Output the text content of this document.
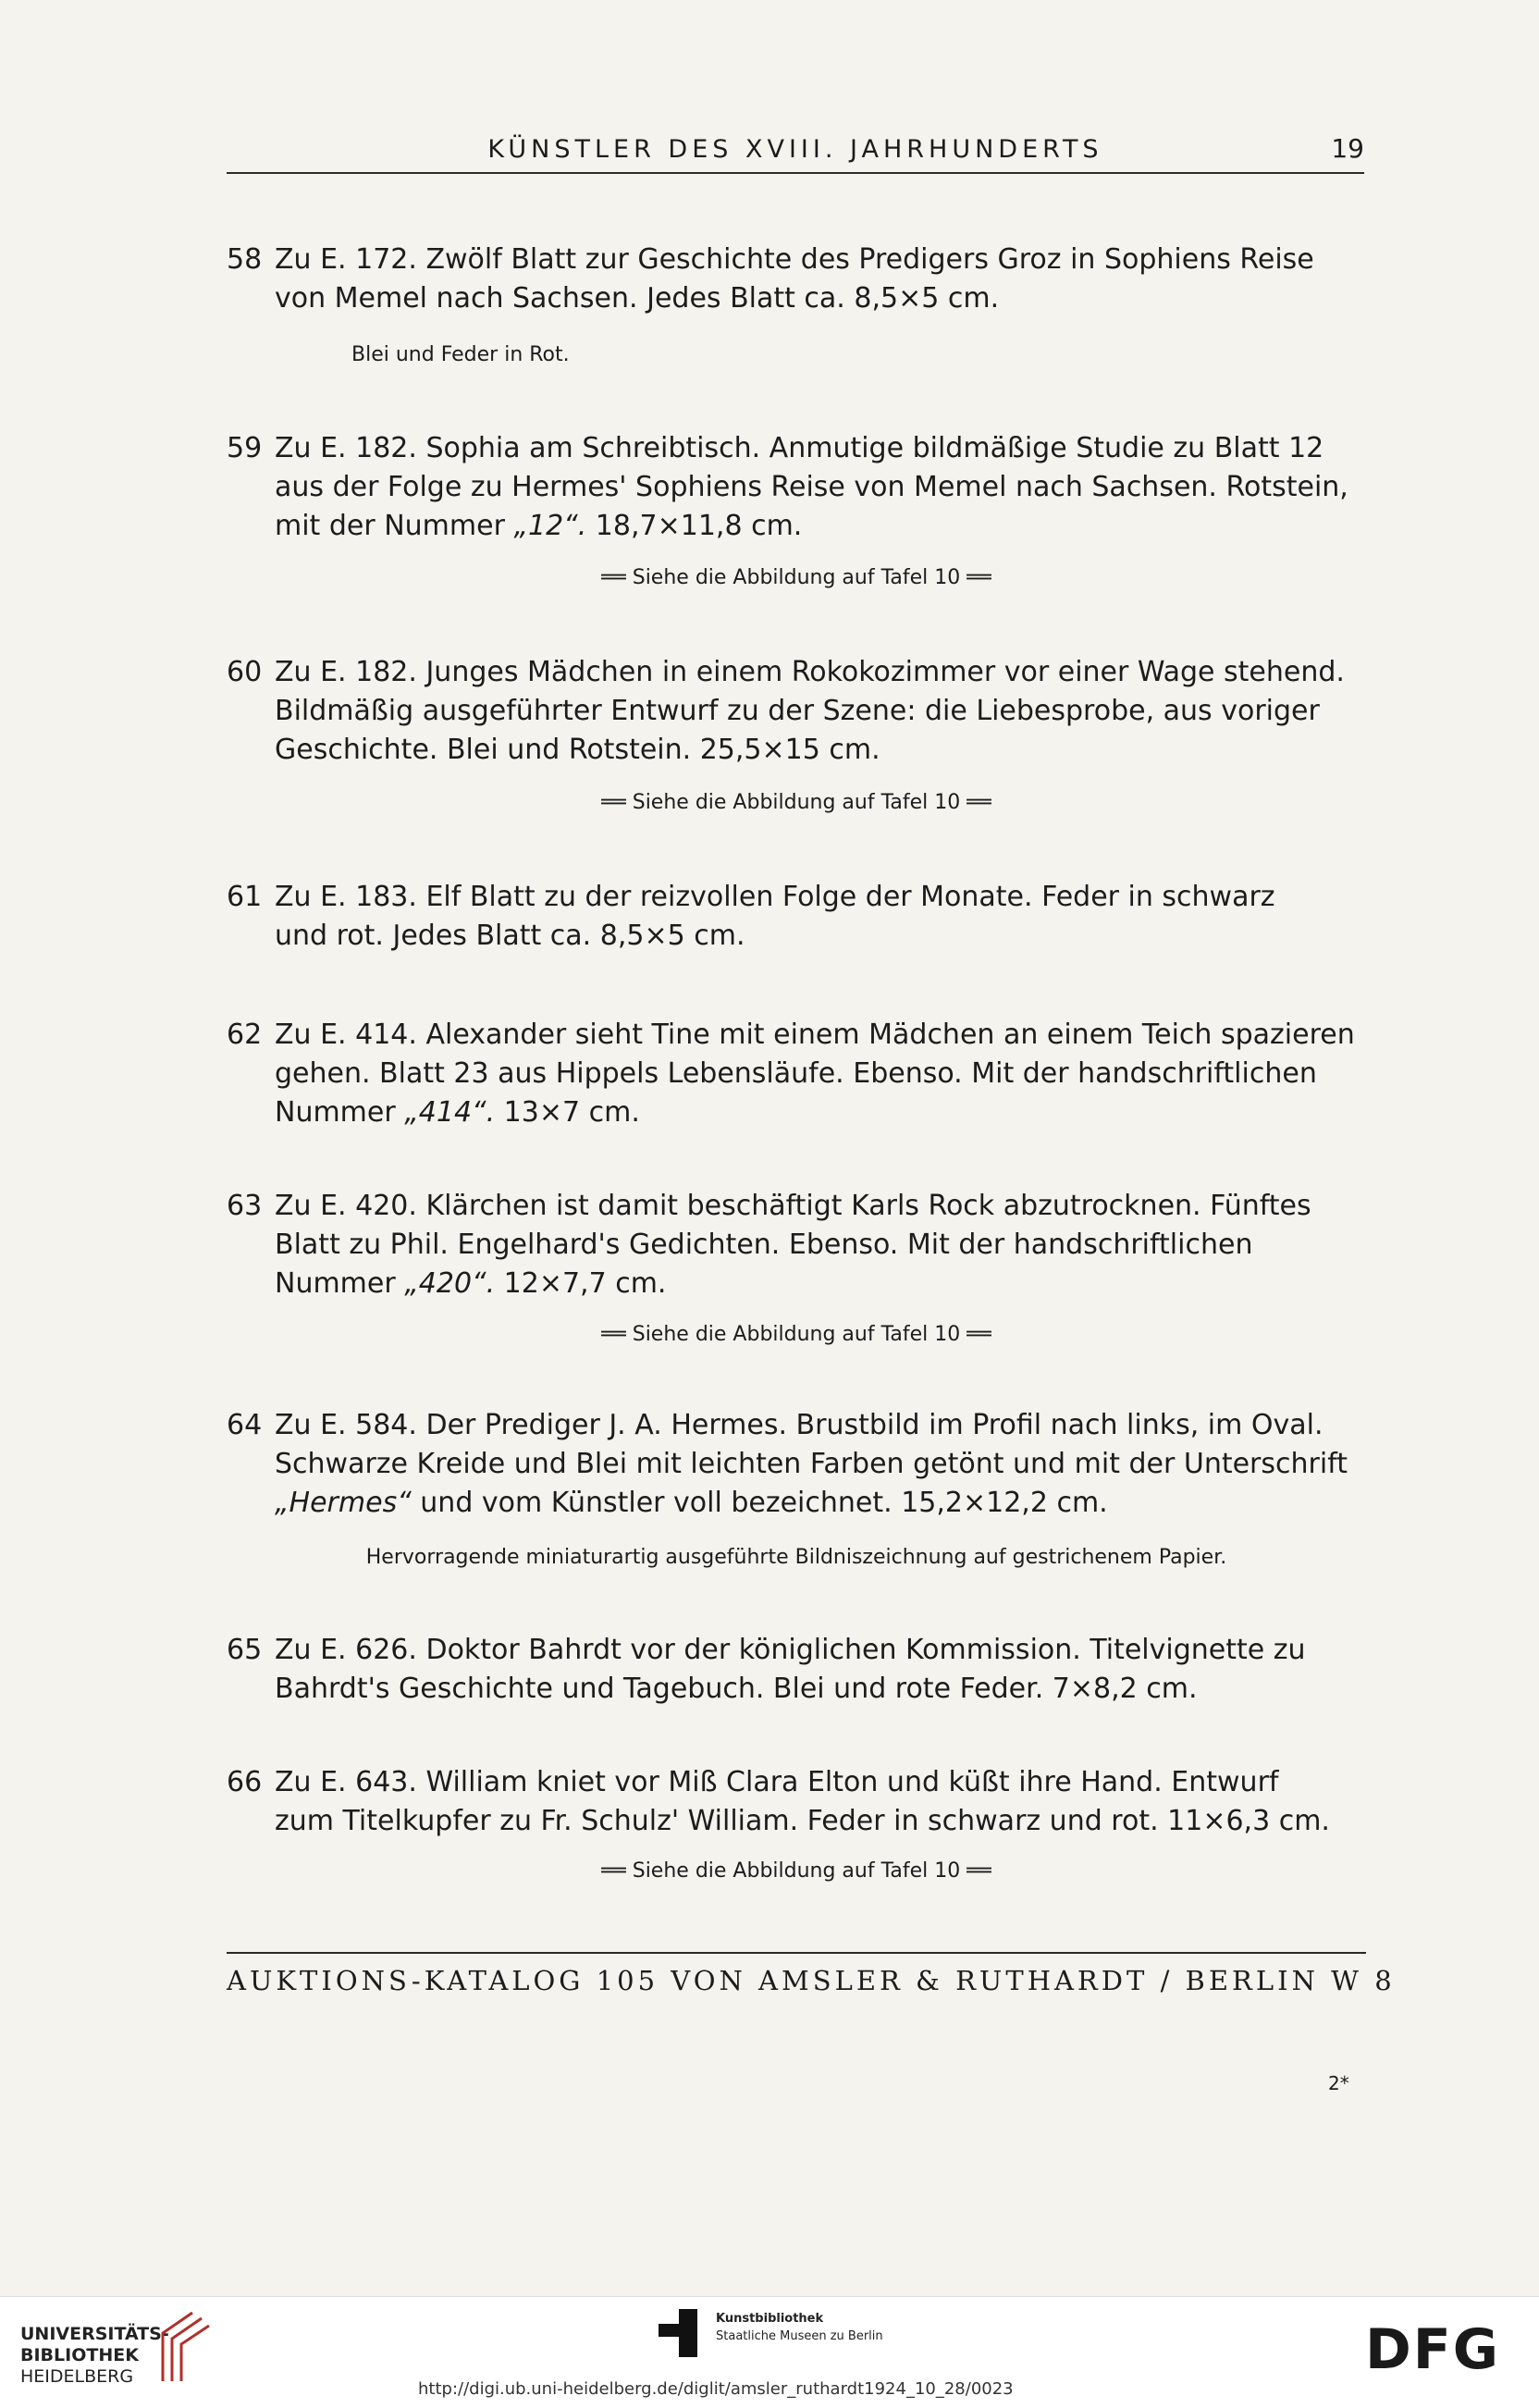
KÜNSTLER DES XVIII. JAHRHUNDERTS	19

58 Zu E. 172. Zwölf Blatt zur Geschichte des Predigers Groz in Sophiens Reise

von Memel nach Sachsen. Jedes Blatt ca. 8,5×5 cm.

Blei und Feder in Rot.

59 Zu E. 182. Sophia am Schreibtisch. Anmutige bildmäßige Studie zu Blatt 12

aus der Folge zu Hermes' Sophiens Reise von Memel nach Sachsen. Rotstein,

mit der Nummer „12“. 18,7×11,8 cm.

══ Siehe die Abbildung auf Tafel 10 ══

60 Zu E. 182. Junges Mädchen in einem Rokokozimmer vor einer Wage stehend.

Bildmäßig ausgeführter Entwurf zu der Szene: die Liebesprobe, aus voriger

Geschichte. Blei und Rotstein. 25,5×15 cm.

══ Siehe die Abbildung auf Tafel 10 ══

61 Zu E. 183. Elf Blatt zu der reizvollen Folge der Monate. Feder in schwarz

und rot. Jedes Blatt ca. 8,5×5 cm.

62 Zu E. 414. Alexander sieht Tine mit einem Mädchen an einem Teich spazieren

gehen. Blatt 23 aus Hippels Lebensläufe. Ebenso. Mit der handschriftlichen

Nummer „414“. 13×7 cm.

63 Zu E. 420. Klärchen ist damit beschäftigt Karls Rock abzutrocknen. Fünftes

Blatt zu Phil. Engelhard's Gedichten. Ebenso. Mit der handschriftlichen

Nummer „420“. 12×7,7 cm.

══ Siehe die Abbildung auf Tafel 10 ══

64 Zu E. 584. Der Prediger J. A. Hermes. Brustbild im Profil nach links, im Oval.

Schwarze Kreide und Blei mit leichten Farben getönt und mit der Unterschrift

„Hermes“ und vom Künstler voll bezeichnet. 15,2×12,2 cm.

Hervorragende miniaturartig ausgeführte Bildniszeichnung auf gestrichenem Papier.

65 Zu E. 626. Doktor Bahrdt vor der königlichen Kommission. Titelvignette zu

Bahrdt's Geschichte und Tagebuch. Blei und rote Feder. 7×8,2 cm.

66 Zu E. 643. William kniet vor Miß Clara Elton und küßt ihre Hand. Entwurf

zum Titelkupfer zu Fr. Schulz' William. Feder in schwarz und rot. 11×6,3 cm.

══ Siehe die Abbildung auf Tafel 10 ══
AUKTIONS-KATALOG 105 VON AMSLER & RUTHARDT / BERLIN W 8
2*
UNIVERSITÄTS-
BIBLIOTHEK
HEIDELBERG
Kunstbibliothek
Staatliche Museen zu Berlin	DFG
http://digi.ub.uni-heidelberg.de/diglit/amsler_ruthardt1924_10_28/0023
